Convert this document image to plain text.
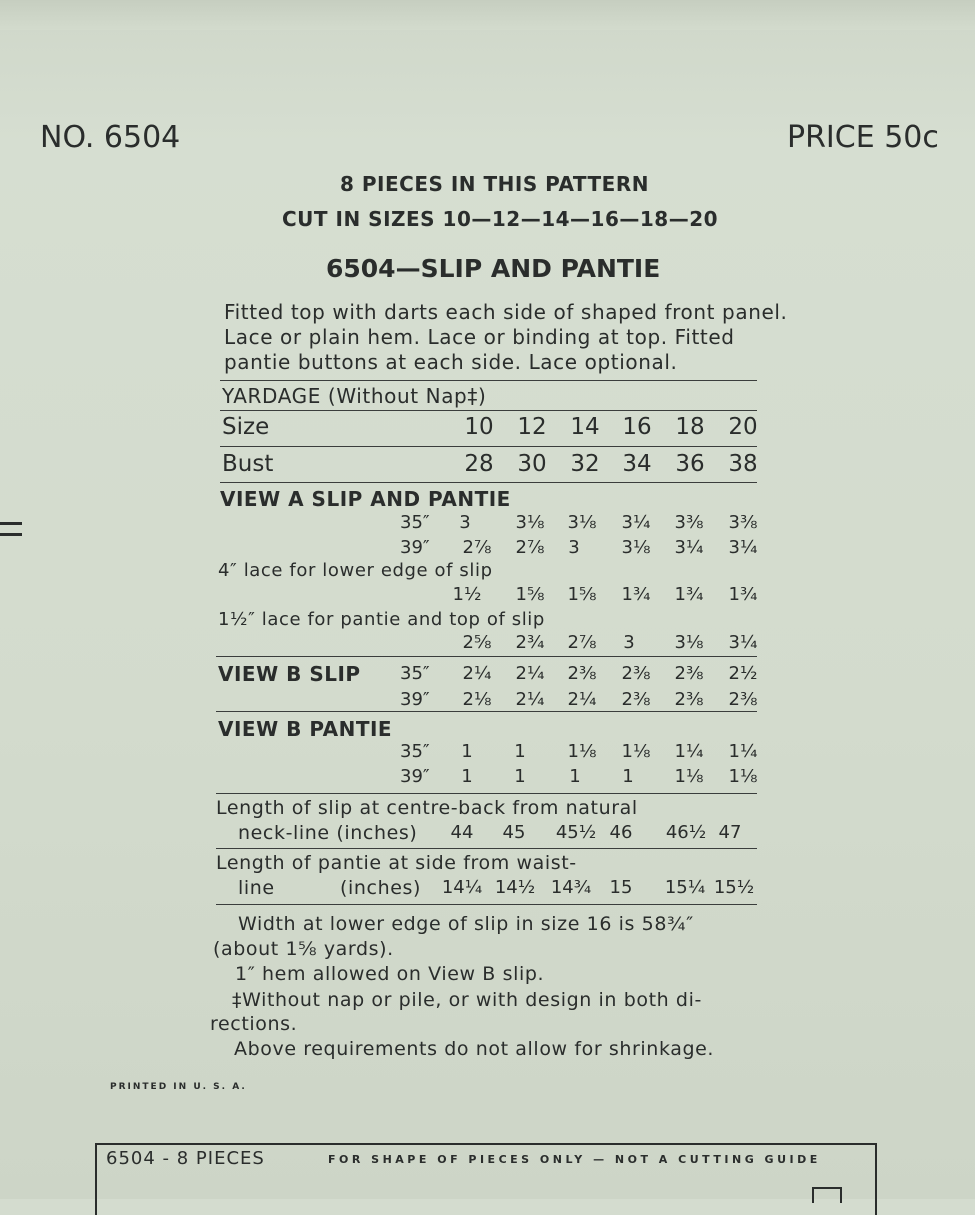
NO. 6504	PRICE 50c
8 PIECES IN THIS PATTERN
CUT IN SIZES 10—12—14—16—18—20
6504—SLIP AND PANTIE
Fitted top with darts each side of shaped front panel.
Lace or plain hem. Lace or binding at top. Fitted
pantie buttons at each side. Lace optional.
YARDAGE (Without Nap‡)
Size	10	12	14 16	18	20
Bust	28	30	32 34	36	38
VIEW A SLIP AND PANTIE
35″	3	3⅛	3⅛	3¼	3⅜	3⅜
39″	2⅞	2⅞	3	3⅛	3¼	3¼
4″ lace for lower edge of slip
1½	1⅝	1⅝	1¾	1¾	1¾
1½″ lace for pantie and top of slip
2⅝	2¾	2⅞	3	3⅛	3¼
VIEW B SLIP 35″	2¼	2¼	2⅜	2⅜	2⅜	2½
39″	2⅛	2¼	2¼	2⅜	2⅜	2⅜
VIEW B PANTIE
35″	1	1	1⅛	1⅛	1¼	1¼
39″	1	1	1	1	1⅛	1⅛
Length of slip at centre-back from natural
neck-line (inches)	44	45	45½ 46	46½ 47
Length of pantie at side from waist-
line	(inches) 14¼ 14½ 14¾	15	15¼ 15½
Width at lower edge of slip in size 16 is 58¾″
(about 1⅝ yards).
1″ hem allowed on View B slip.
‡Without nap or pile, or with design in both di-
rections.
Above requirements do not allow for shrinkage.
PRINTED IN U. S. A.
6504 - 8 PIECES	FOR SHAPE OF PIECES ONLY — NOT A CUTTING GUIDE
